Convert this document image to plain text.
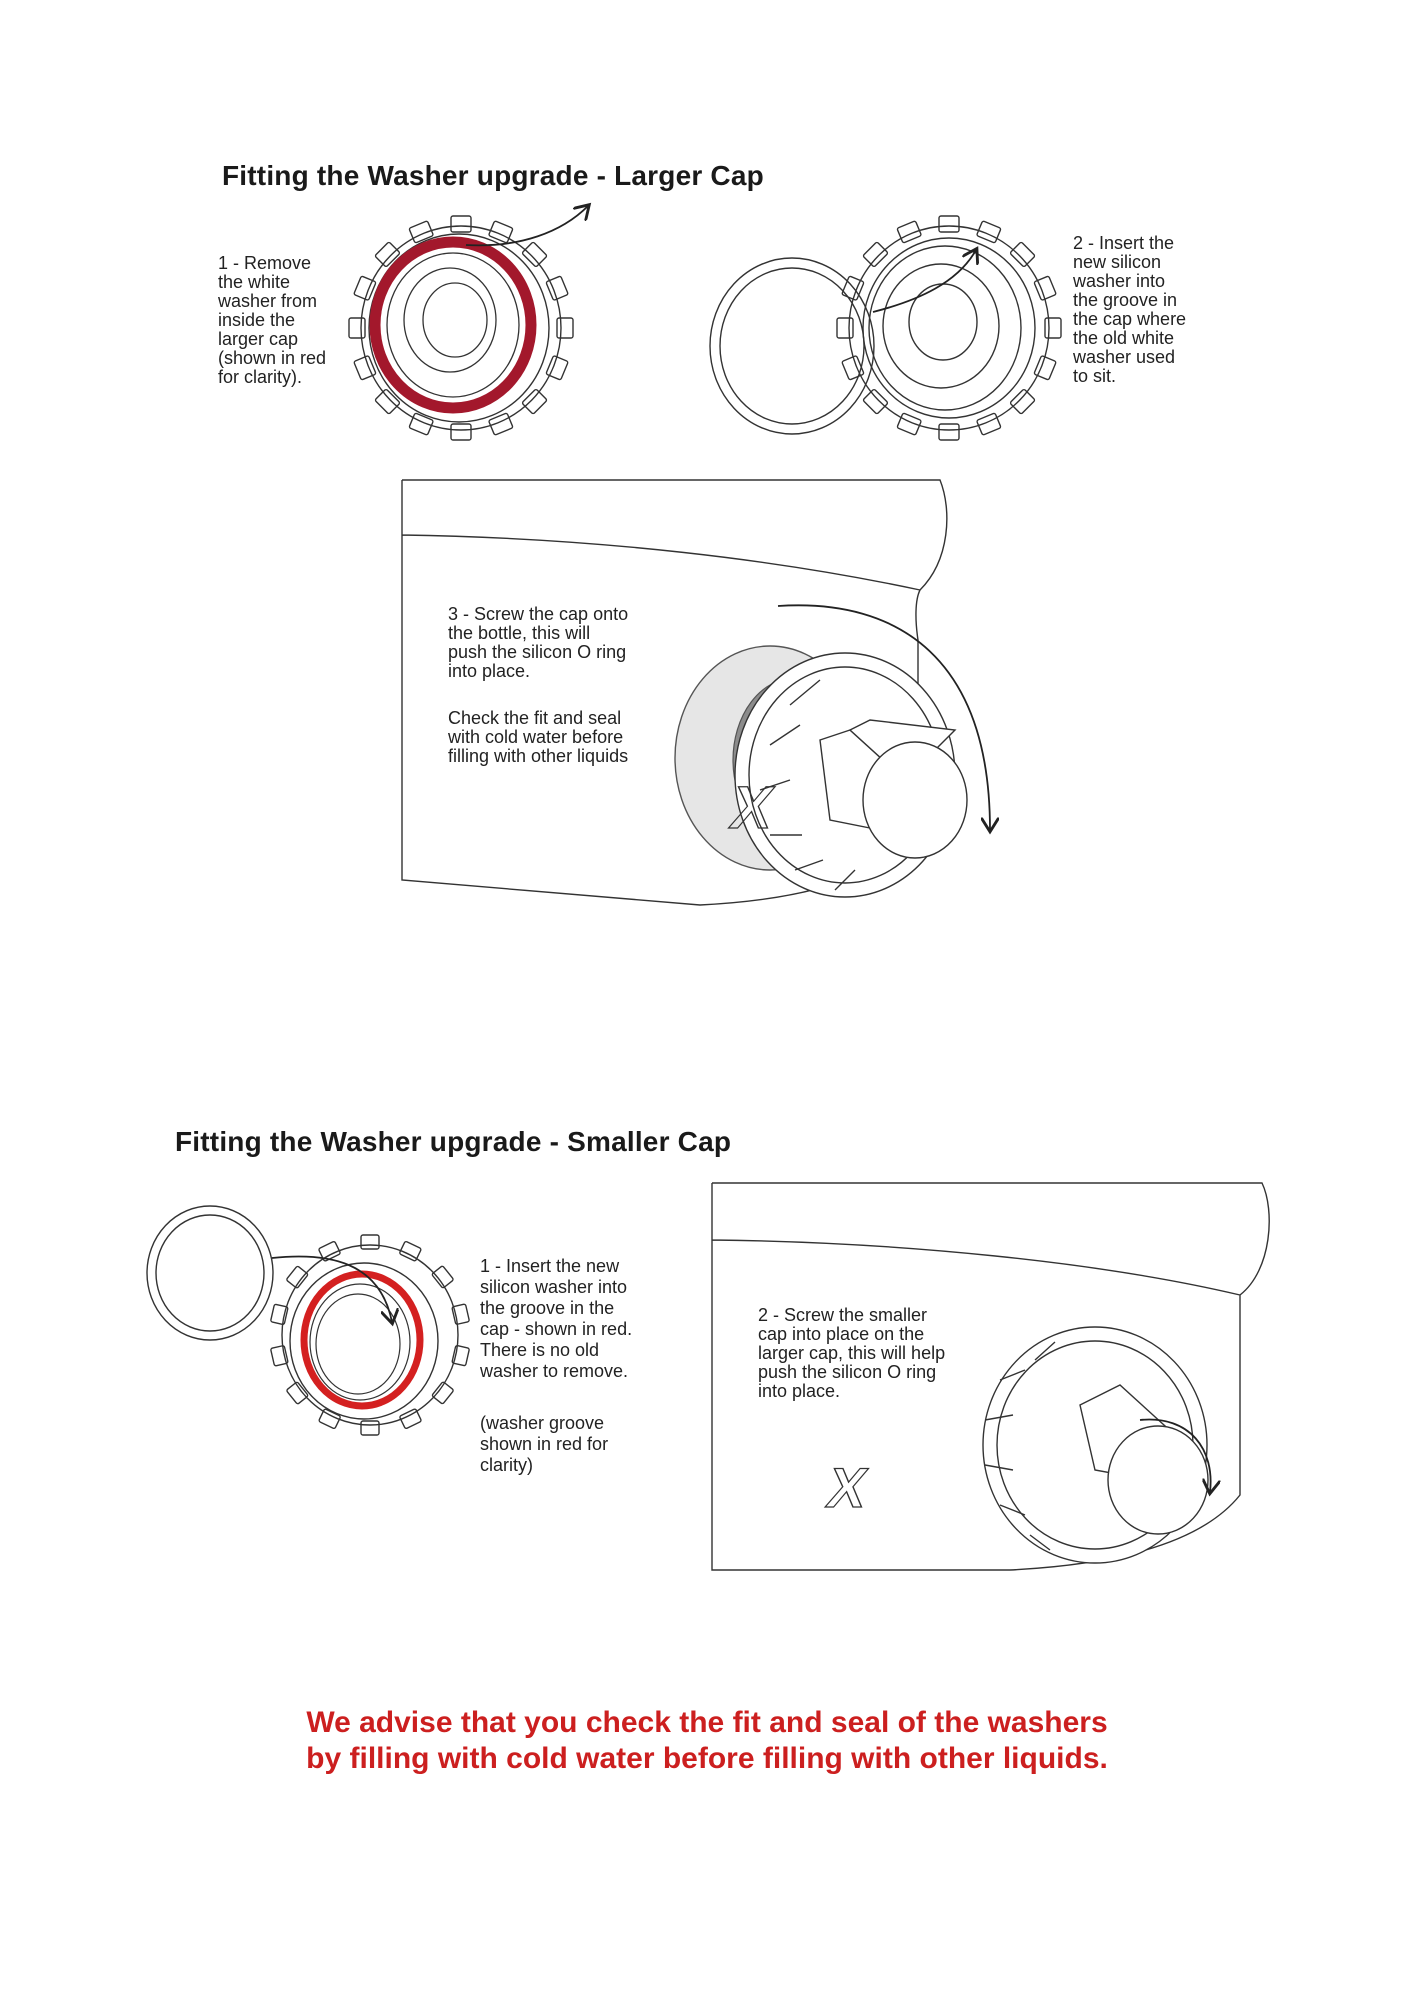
Fitting the Washer upgrade - Larger Cap
Fitting the Washer upgrade - Smaller Cap

1 - Remove
the white
washer from
inside the
larger cap
(shown in red
for clarity).

2 - Insert the
new silicon
washer into
the groove in
the cap where
the old white
washer used
to sit.

3 - Screw the cap onto
the bottle, this will
push the silicon O ring
into place.

Check the fit and seal
with cold water before
filling with other liquids

1 - Insert the new
silicon washer into
the groove in the
cap - shown in red.
There is no old
washer to remove.

(washer groove
shown in red for
clarity)

2 - Screw the smaller
cap into place on the
larger cap, this will help
push the silicon O ring
into place.

X
X
We advise that you check the fit and seal of the washers
by filling with cold water before filling with other liquids.
